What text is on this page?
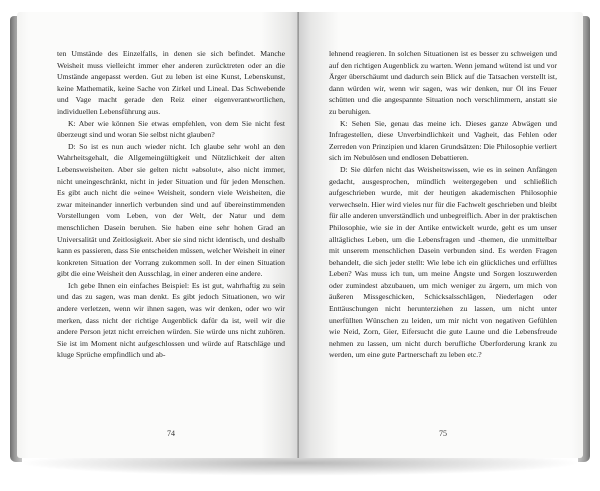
ten Umstände des Einzelfalls, in denen sie sich befindet. Manche Weisheit muss vielleicht immer eher anderen zurücktreten oder an die Umstände angepasst werden. Gut zu leben ist eine Kunst, Lebenskunst, keine Mathematik, keine Sache von Zirkel und Lineal. Das Schwebende und Vage macht gerade den Reiz einer eigenverantwortlichen, individuellen Lebensführung aus.

K: Aber wie können Sie etwas empfehlen, von dem Sie nicht fest überzeugt sind und woran Sie selbst nicht glauben?

D: So ist es nun auch wieder nicht. Ich glaube sehr wohl an den Wahrheitsgehalt, die Allgemeingültigkeit und Nützlichkeit der alten Lebensweisheiten. Aber sie gelten nicht »absolut«, also nicht immer, nicht uneingeschränkt, nicht in jeder Situation und für jeden Menschen. Es gibt auch nicht die »eine« Weisheit, sondern viele Weisheiten, die zwar miteinander innerlich verbunden sind und auf übereinstimmenden Vorstellungen vom Leben, von der Welt, der Natur und dem menschlichen Dasein beruhen. Sie haben eine sehr hohen Grad an Universalität und Zeitlosigkeit. Aber sie sind nicht identisch, und deshalb kann es passieren, dass Sie entscheiden müssen, welcher Weisheit in einer konkreten Situation der Vorrang zukommen soll. In der einen Situation gibt die eine Weisheit den Ausschlag, in einer anderen eine andere.

Ich gebe Ihnen ein einfaches Beispiel: Es ist gut, wahrhaftig zu sein und das zu sagen, was man denkt. Es gibt jedoch Situationen, wo wir andere verletzen, wenn wir ihnen sagen, was wir denken, oder wo wir merken, dass nicht der richtige Augenblick dafür da ist, weil wir die andere Person jetzt nicht erreichen würden. Sie würde uns nicht zuhören. Sie ist im Moment nicht aufgeschlossen und würde auf Ratschläge und kluge Sprüche empfindlich und ab-

74

lehnend reagieren. In solchen Situationen ist es besser zu schweigen und auf den richtigen Augenblick zu warten. Wenn jemand wütend ist und vor Ärger überschäumt und dadurch sein Blick auf die Tatsachen verstellt ist, dann würden wir, wenn wir sagen, was wir denken, nur Öl ins Feuer schütten und die angespannte Situation noch verschlimmern, anstatt sie zu beruhigen.

K: Sehen Sie, genau das meine ich. Dieses ganze Abwägen und Infragestellen, diese Unverbindlichkeit und Vagheit, das Fehlen oder Zerreden von Prinzipien und klaren Grundsätzen: Die Philosophie verliert sich im Nebulösen und endlosen Debattieren.

D: Sie dürfen nicht das Weisheitswissen, wie es in seinen Anfängen gedacht, ausgesprochen, mündlich weitergegeben und schließlich aufgeschrieben wurde, mit der heutigen akademischen Philosophie verwechseln. Hier wird vieles nur für die Fachwelt geschrieben und bleibt für alle anderen unverständlich und unbegreiflich. Aber in der praktischen Philosophie, wie sie in der Antike entwickelt wurde, geht es um unser alltägliches Leben, um die Lebensfragen und -themen, die unmittelbar mit unserem menschlichen Dasein verbunden sind. Es werden Fragen behandelt, die sich jeder stellt: Wie lebe ich ein glückliches und erfülltes Leben? Was muss ich tun, um meine Ängste und Sorgen loszuwerden oder zumindest abzubauen, um mich weniger zu ärgern, um mich von äußeren Missgeschicken, Schicksalsschlägen, Niederlagen oder Enttäuschungen nicht herunterziehen zu lassen, um nicht unter unerfüllten Wünschen zu leiden, um mir nicht von negativen Gefühlen wie Neid, Zorn, Gier, Eifersucht die gute Laune und die Lebensfreude nehmen zu lassen, um nicht durch berufliche Überforderung krank zu werden, um eine gute Partnerschaft zu leben etc.?

75
